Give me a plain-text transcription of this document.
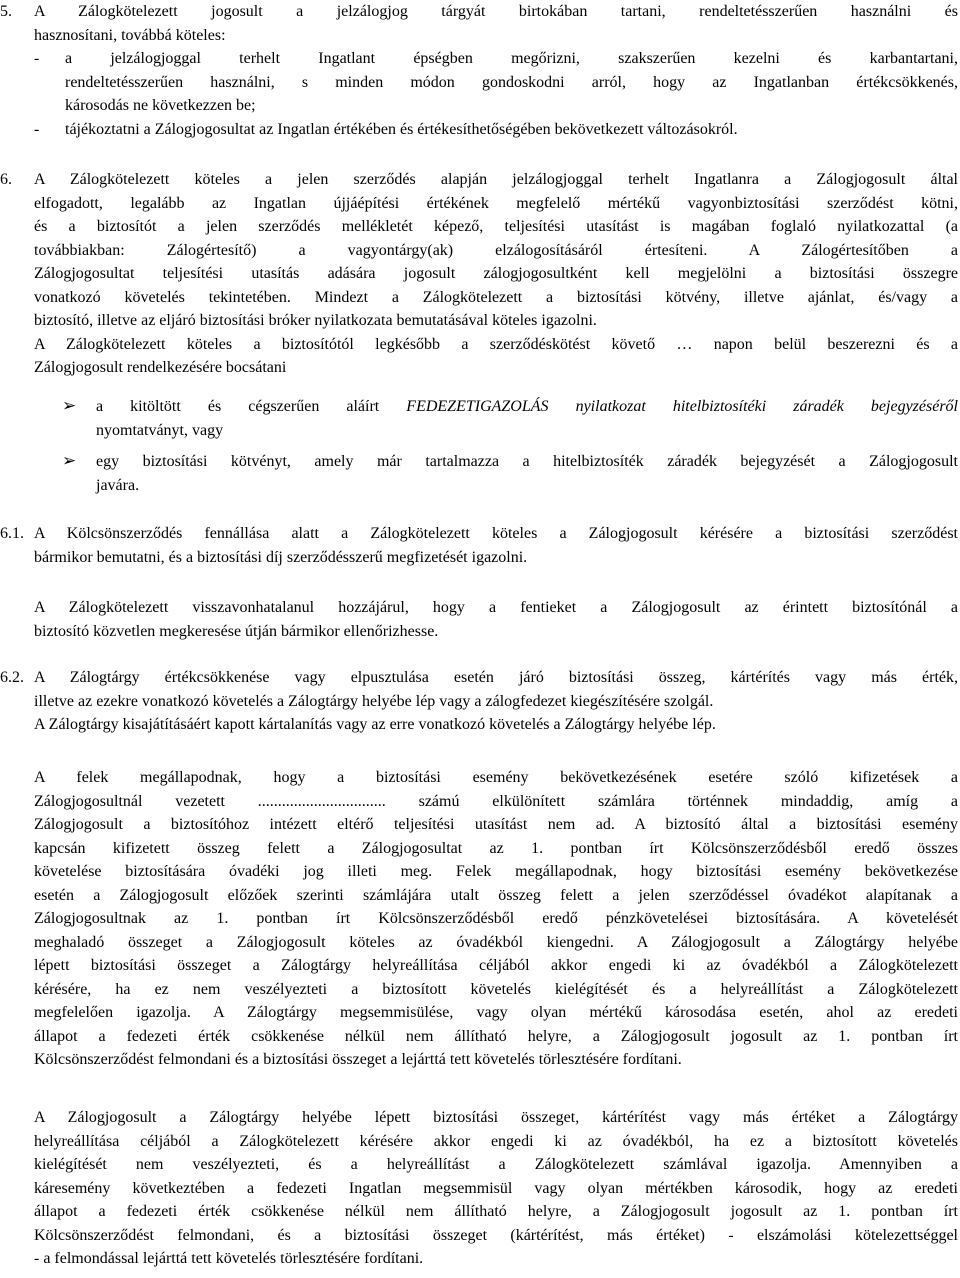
5. A Zálogkötelezett jogosult a jelzálogjog tárgyát birtokában tartani, rendeltetésszerűen használni és
hasznosítani, továbbá köteles:
- a jelzálogjoggal terhelt Ingatlant épségben megőrizni, szakszerűen kezelni és karbantartani,
rendeltetésszerűen használni, s minden módon gondoskodni arról, hogy az Ingatlanban értékcsökkenés,
károsodás ne következzen be;
- tájékoztatni a Zálogjogosultat az Ingatlan értékében és értékesíthetőségében bekövetkezett változásokról.
6. A Zálogkötelezett köteles a jelen szerződés alapján jelzálogjoggal terhelt Ingatlanra a Zálogjogosult által
elfogadott, legalább az Ingatlan újjáépítési értékének megfelelő mértékű vagyonbiztosítási szerződést kötni,
és a biztosítót a jelen szerződés mellékletét képező, teljesítési utasítást is magában foglaló nyilatkozattal (a
továbbiakban: Zálogértesítő) a vagyontárgy(ak) elzálogosításáról értesíteni. A Zálogértesítőben a
Zálogjogosultat teljesítési utasítás adására jogosult zálogjogosultként kell megjelölni a biztosítási összegre
vonatkozó követelés tekintetében. Mindezt a Zálogkötelezett a biztosítási kötvény, illetve ajánlat, és/vagy a
biztosító, illetve az eljáró biztosítási bróker nyilatkozata bemutatásával köteles igazolni.
A Zálogkötelezett köteles a biztosítótól legkésőbb a szerződéskötést követő … napon belül beszerezni és a
Zálogjogosult rendelkezésére bocsátani
➢ a kitöltött és cégszerűen aláírt FEDEZETIGAZOLÁS nyilatkozat hitelbiztosítéki záradék bejegyzéséről
nyomtatványt, vagy
➢ egy biztosítási kötvényt, amely már tartalmazza a hitelbiztosíték záradék bejegyzését a Zálogjogosult
javára.
6.1. A Kölcsönszerződés fennállása alatt a Zálogkötelezett köteles a Zálogjogosult kérésére a biztosítási szerződést
bármikor bemutatni, és a biztosítási díj szerződésszerű megfizetését igazolni.
A Zálogkötelezett visszavonhatalanul hozzájárul, hogy a fentieket a Zálogjogosult az érintett biztosítónál a
biztosító közvetlen megkeresése útján bármikor ellenőrizhesse.
6.2. A Zálogtárgy értékcsökkenése vagy elpusztulása esetén járó biztosítási összeg, kártérítés vagy más érték,
illetve az ezekre vonatkozó követelés a Zálogtárgy helyébe lép vagy a zálogfedezet kiegészítésére szolgál.
A Zálogtárgy kisajátításáért kapott kártalanítás vagy az erre vonatkozó követelés a Zálogtárgy helyébe lép.
A felek megállapodnak, hogy a biztosítási esemény bekövetkezésének esetére szóló kifizetések a
Zálogjogosultnál vezetett ................................ számú elkülönített számlára történnek mindaddig, amíg a
Zálogjogosult a biztosítóhoz intézett eltérő teljesítési utasítást nem ad. A biztosító által a biztosítási esemény
kapcsán kifizetett összeg felett a Zálogjogosultat az 1. pontban írt Kölcsönszerződésből eredő összes
követelése biztosítására óvadéki jog illeti meg. Felek megállapodnak, hogy biztosítási esemény bekövetkezése
esetén a Zálogjogosult előzőek szerinti számlájára utalt összeg felett a jelen szerződéssel óvadékot alapítanak a
Zálogjogosultnak az 1. pontban írt Kölcsönszerződésből eredő pénzkövetelései biztosítására. A követelését
meghaladó összeget a Zálogjogosult köteles az óvadékból kiengedni. A Zálogjogosult a Zálogtárgy helyébe
lépett biztosítási összeget a Zálogtárgy helyreállítása céljából akkor engedi ki az óvadékból a Zálogkötelezett
kérésére, ha ez nem veszélyezteti a biztosított követelés kielégítését és a helyreállítást a Zálogkötelezett
megfelelően igazolja. A Zálogtárgy megsemmisülése, vagy olyan mértékű károsodása esetén, ahol az eredeti
állapot a fedezeti érték csökkenése nélkül nem állítható helyre, a Zálogjogosult jogosult az 1. pontban írt
Kölcsönszerződést felmondani és a biztosítási összeget a lejárttá tett követelés törlesztésére fordítani.
A Zálogjogosult a Zálogtárgy helyébe lépett biztosítási összeget, kártérítést vagy más értéket a Zálogtárgy
helyreállítása céljából a Zálogkötelezett kérésére akkor engedi ki az óvadékból, ha ez a biztosított követelés
kielégítését nem veszélyezteti, és a helyreállítást a Zálogkötelezett számlával igazolja. Amennyiben a
káresemény következtében a fedezeti Ingatlan megsemmisül vagy olyan mértékben károsodik, hogy az eredeti
állapot a fedezeti érték csökkenése nélkül nem állítható helyre, a Zálogjogosult jogosult az 1. pontban írt
Kölcsönszerződést felmondani, és a biztosítási összeget (kártérítést, más értéket) - elszámolási kötelezettséggel
- a felmondással lejárttá tett követelés törlesztésére fordítani.
